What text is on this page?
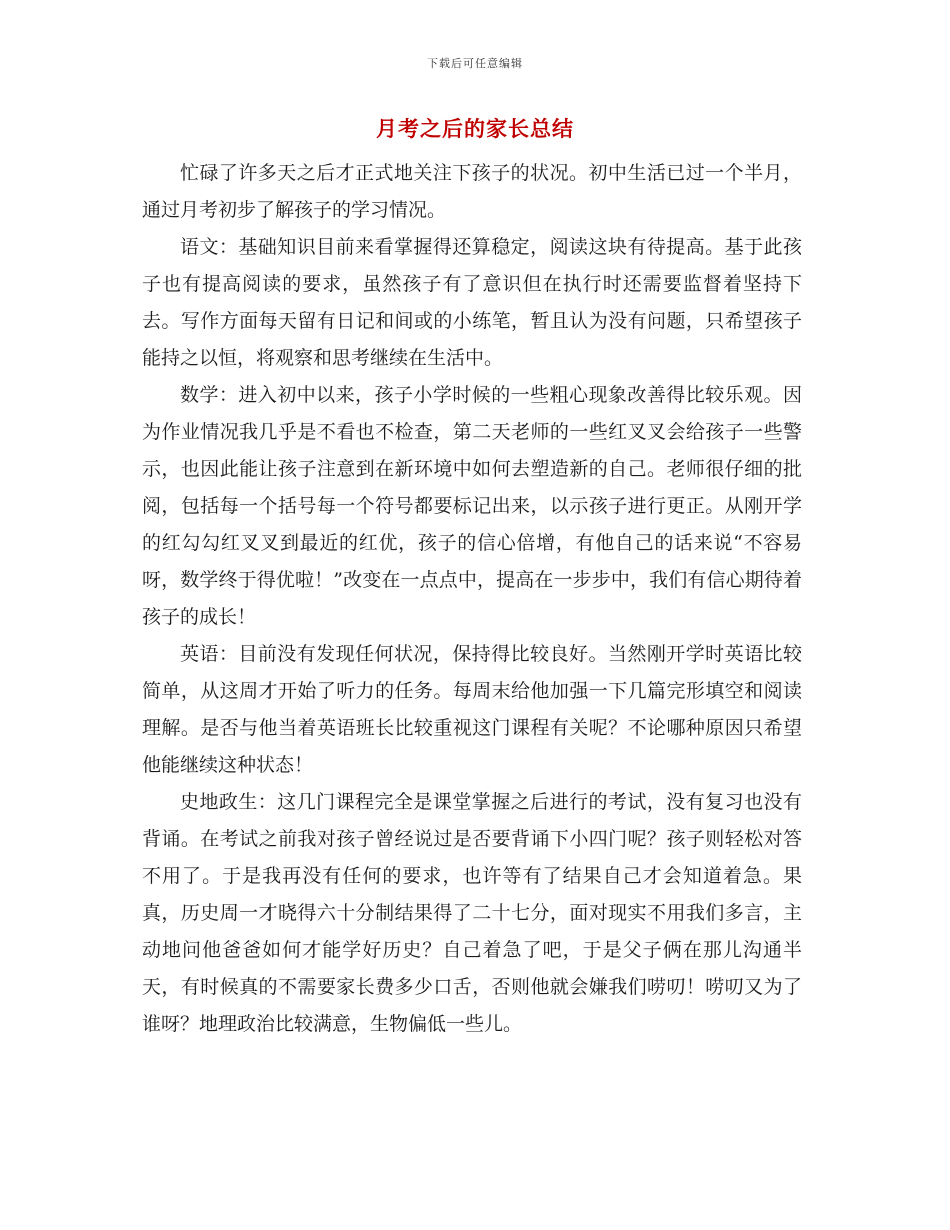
下载后可任意编辑
月考之后的家长总结

忙碌了许多天之后才正式地关注下孩子的状况。初中生活已过一个半月，通过月考初步了解孩子的学习情况。

语文：基础知识目前来看掌握得还算稳定，阅读这块有待提高。基于此孩子也有提高阅读的要求，虽然孩子有了意识但在执行时还需要监督着坚持下去。写作方面每天留有日记和间或的小练笔，暂且认为没有问题，只希望孩子能持之以恒，将观察和思考继续在生活中。

数学：进入初中以来，孩子小学时候的一些粗心现象改善得比较乐观。因为作业情况我几乎是不看也不检查，第二天老师的一些红叉叉会给孩子一些警示，也因此能让孩子注意到在新环境中如何去塑造新的自己。老师很仔细的批阅，包括每一个括号每一个符号都要标记出来，以示孩子进行更正。从刚开学的红勾勾红叉叉到最近的红优，孩子的信心倍增，有他自己的话来说“不容易呀，数学终于得优啦！”改变在一点点中，提高在一步步中，我们有信心期待着孩子的成长！

英语：目前没有发现任何状况，保持得比较良好。当然刚开学时英语比较简单，从这周才开始了听力的任务。每周末给他加强一下几篇完形填空和阅读理解。是否与他当着英语班长比较重视这门课程有关呢？不论哪种原因只希望他能继续这种状态！

史地政生：这几门课程完全是课堂掌握之后进行的考试，没有复习也没有背诵。在考试之前我对孩子曾经说过是否要背诵下小四门呢？孩子则轻松对答不用了。于是我再没有任何的要求，也许等有了结果自己才会知道着急。果真，历史周一才晓得六十分制结果得了二十七分，面对现实不用我们多言，主动地问他爸爸如何才能学好历史？自己着急了吧，于是父子俩在那儿沟通半天，有时候真的不需要家长费多少口舌，否则他就会嫌我们唠叨！唠叨又为了谁呀？地理政治比较满意，生物偏低一些儿。
